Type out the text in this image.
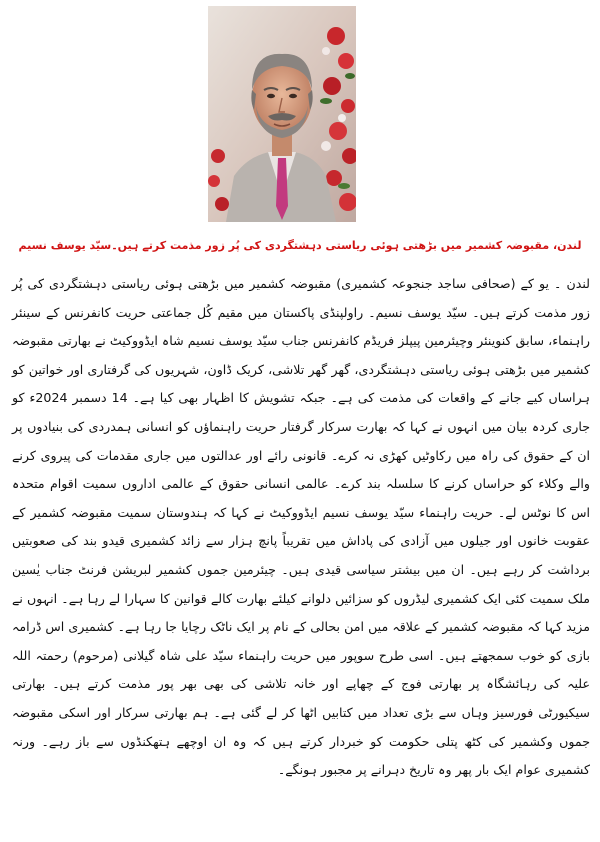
لندن، مقبوضہ کشمیر میں بڑھتی ہوئی ریاستی دہشتگردی کی پُر زور مذمت کرتے ہیں۔سیّد یوسف نسیم

لندن ۔ یو کے (صحافی ساجد جنجوعہ کشمیری) مقبوضہ کشمیر میں بڑھتی ہوئی ریاستی دہشتگردی کی پُر زور مذمت کرتے ہیں۔ سیّد یوسف نسیم۔ راولپنڈی پاکستان میں مقیم کُل جماعتی حریت کانفرنس کے سینئر راہنماء، سابق کنوینئر وچیئرمین پیپلز فریڈم کانفرنس جناب سیّد یوسف نسیم شاہ ایڈووکیٹ نے بھارتی مقبوضہ کشمیر میں بڑھتی ہوئی ریاستی دہشتگردی، گھر گھر تلاشی، کریک ڈاون، شہریوں کی گرفتاری اور خواتین کو ہراساں کیے جانے کے واقعات کی مذمت کی ہے۔ جبکہ تشویش کا اظہار بھی کیا ہے۔ 14 دسمبر 2024ء کو جاری کردہ بیان میں انہوں نے کہا کہ بھارت سرکار گرفتار حریت راہنماؤں کو انسانی ہمدردی کی بنیادوں پر ان کے حقوق کی راہ میں رکاوٹیں کھڑی نہ کرے۔ قانونی رائے اور عدالتوں میں جاری مقدمات کی پیروی کرنے والے وکلاء کو حراساں کرنے کا سلسلہ بند کرے۔ عالمی انسانی حقوق کے عالمی اداروں سمیت اقوام متحدہ اس کا نوٹس لے۔ حریت راہنماء سیّد یوسف نسیم ایڈووکیٹ نے کہا کہ ہندوستان سمیت مقبوضہ کشمیر کے عقوبت خانوں اور جیلوں میں آزادی کی پاداش میں تقریباً پانچ ہزار سے زائد کشمیری قیدو بند کی صعوبتیں برداشت کر رہے ہیں۔ ان میں بیشتر سیاسی قیدی ہیں۔ چیئرمین جموں کشمیر لبریشن فرنٹ جناب یٰسین ملک سمیت کئی ایک کشمیری لیڈروں کو سزائیں دلوانے کیلئے بھارت کالے قوانین کا سہارا لے رہا ہے۔ انہوں نے مزید کہا کہ مقبوضہ کشمیر کے علاقہ میں امن بحالی کے نام پر ایک ناٹک رچایا جا رہا ہے۔ کشمیری اس ڈرامہ بازی کو خوب سمجھتے ہیں۔ اسی طرح سوپور میں حریت راہنماء سیّد علی شاہ گیلانی (مرحوم) رحمتہ اللہ علیہ کی رہائشگاہ پر بھارتی فوج کے چھاپے اور خانہ تلاشی کی بھی بھر پور مذمت کرتے ہیں۔ بھارتی سیکیورٹی فورسیز وہاں سے بڑی تعداد میں کتابیں اٹھا کر لے گئی ہے۔ ہم بھارتی سرکار اور اسکی مقبوضہ جموں وکشمیر کی کٹھ پتلی حکومت کو خبردار کرتے ہیں کہ وہ ان اوچھے ہتھکنڈوں سے باز رہے۔ ورنہ کشمیری عوام ایک بار پھر وہ تاریخ دہرانے پر مجبور ہونگے۔
